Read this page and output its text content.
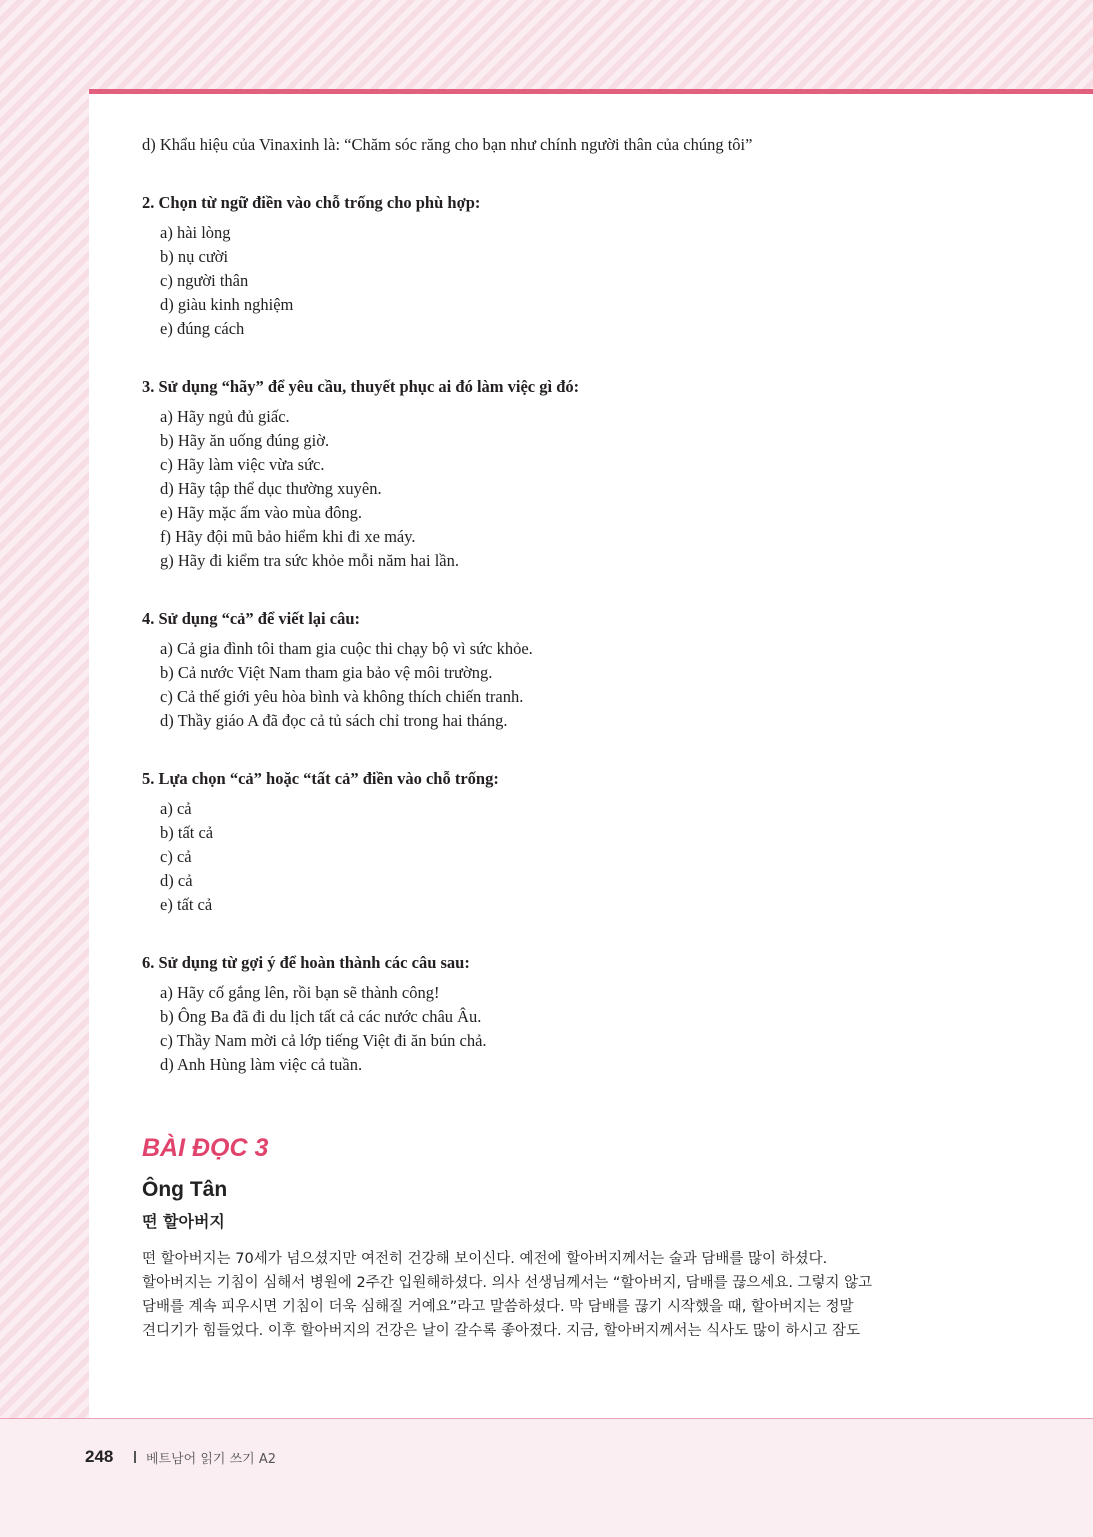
d) Khẩu hiệu của Vinaxinh là: “Chăm sóc răng cho bạn như chính người thân của chúng tôi”

2. Chọn từ ngữ điền vào chỗ trống cho phù hợp:

a) hài lòng

b) nụ cười

c) người thân

d) giàu kinh nghiệm

e) đúng cách

3. Sử dụng “hãy” để yêu cầu, thuyết phục ai đó làm việc gì đó:

a) Hãy ngủ đủ giấc.

b) Hãy ăn uống đúng giờ.

c) Hãy làm việc vừa sức.

d) Hãy tập thể dục thường xuyên.

e) Hãy mặc ấm vào mùa đông.

f) Hãy đội mũ bảo hiểm khi đi xe máy.

g) Hãy đi kiểm tra sức khỏe mỗi năm hai lần.

4. Sử dụng “cả” để viết lại câu:

a) Cả gia đình tôi tham gia cuộc thi chạy bộ vì sức khỏe.

b) Cả nước Việt Nam tham gia bảo vệ môi trường.

c) Cả thế giới yêu hòa bình và không thích chiến tranh.

d) Thầy giáo A đã đọc cả tủ sách chỉ trong hai tháng.

5. Lựa chọn “cả” hoặc “tất cả” điền vào chỗ trống:

a) cả

b) tất cả

c) cả

d) cả

e) tất cả

6. Sử dụng từ gợi ý để hoàn thành các câu sau:

a) Hãy cố gắng lên, rồi bạn sẽ thành công!

b) Ông Ba đã đi du lịch tất cả các nước châu Âu.

c) Thầy Nam mời cả lớp tiếng Việt đi ăn bún chả.

d) Anh Hùng làm việc cả tuần.

BÀI ĐỌC 3

Ông Tân

떤 할아버지

떤 할아버지는 70세가 넘으셨지만 여전히 건강해 보이신다. 예전에 할아버지께서는 술과 담배를 많이 하셨다.
할아버지는 기침이 심해서 병원에 2주간 입원해하셨다. 의사 선생님께서는 “할아버지, 담배를 끊으세요. 그렇지 않고
담배를 계속 피우시면 기침이 더욱 심해질 거예요”라고 말씀하셨다. 막 담배를 끊기 시작했을 때, 할아버지는 정말
견디기가 힘들었다. 이후 할아버지의 건강은 날이 갈수록 좋아졌다. 지금, 할아버지께서는 식사도 많이 하시고 잠도
248	베트남어 읽기 쓰기 A2
